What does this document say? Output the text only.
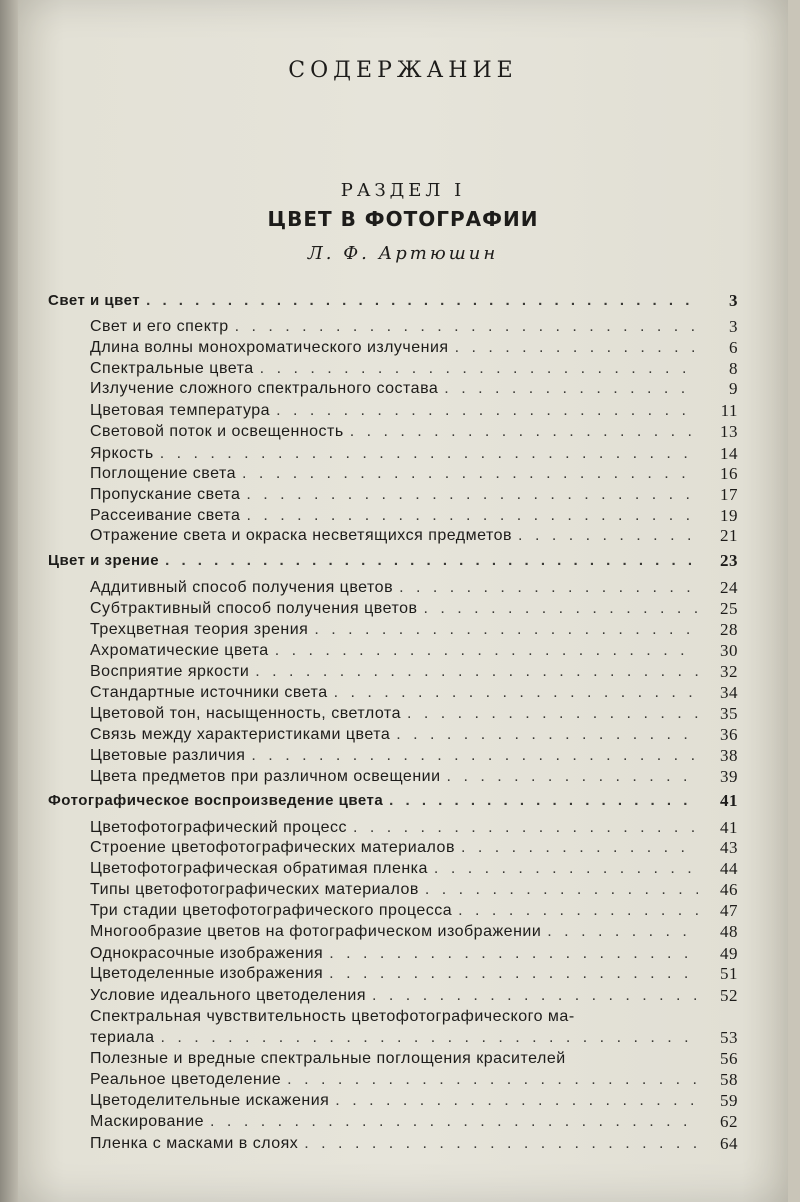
СОДЕРЖАНИЕ
РАЗДЕЛ I
ЦВЕТ В ФОТОГРАФИИ
Л. Ф. Артюшин
Свет и цвет . . .	3
Свет и его спектр . . .	3
Длина волны монохроматического излучения . . .	6
Спектральные цвета . . .	8
Излучение сложного спектрального состава . . .	9
Цветовая температура . . .	11
Световой поток и освещенность . . .	13
Яркость . . .	14
Поглощение света . . .	16
Пропускание света . . .	17
Рассеивание света . . .	19
Отражение света и окраска несветящихся предметов . . .	21
Цвет и зрение . . .	23
Аддитивный способ получения цветов . . .	24
Субтрактивный способ получения цветов . . .	25
Трехцветная теория зрения . . .	28
Ахроматические цвета . . .	30
Восприятие яркости . . .	32
Стандартные источники света . . .	34
Цветовой тон, насыщенность, светлота . . .	35
Связь между характеристиками цвета . . .	36
Цветовые различия . . .	38
Цвета предметов при различном освещении . . .	39
Фотографическое воспроизведение цвета . . .	41
Цветофотографический процесс . . .	41
Строение цветофотографических материалов . . .	43
Цветофотографическая обратимая пленка . . .	44
Типы цветофотографических материалов . . .	46
Три стадии цветофотографического процесса . . .	47
Многообразие цветов на фотографическом изображении . . .	48
Однокрасочные изображения . . .	49
Цветоделенные изображения . . .	51
Условие идеального цветоделения . . .	52
Спектральная чувствительность цветофотографического ма-
териала . . .	53
Полезные и вредные спектральные поглощения красителей	56
Реальное цветоделение . . .	58
Цветоделительные искажения . . .	59
Маскирование . . .	62
Пленка с масками в слоях . . .	64
